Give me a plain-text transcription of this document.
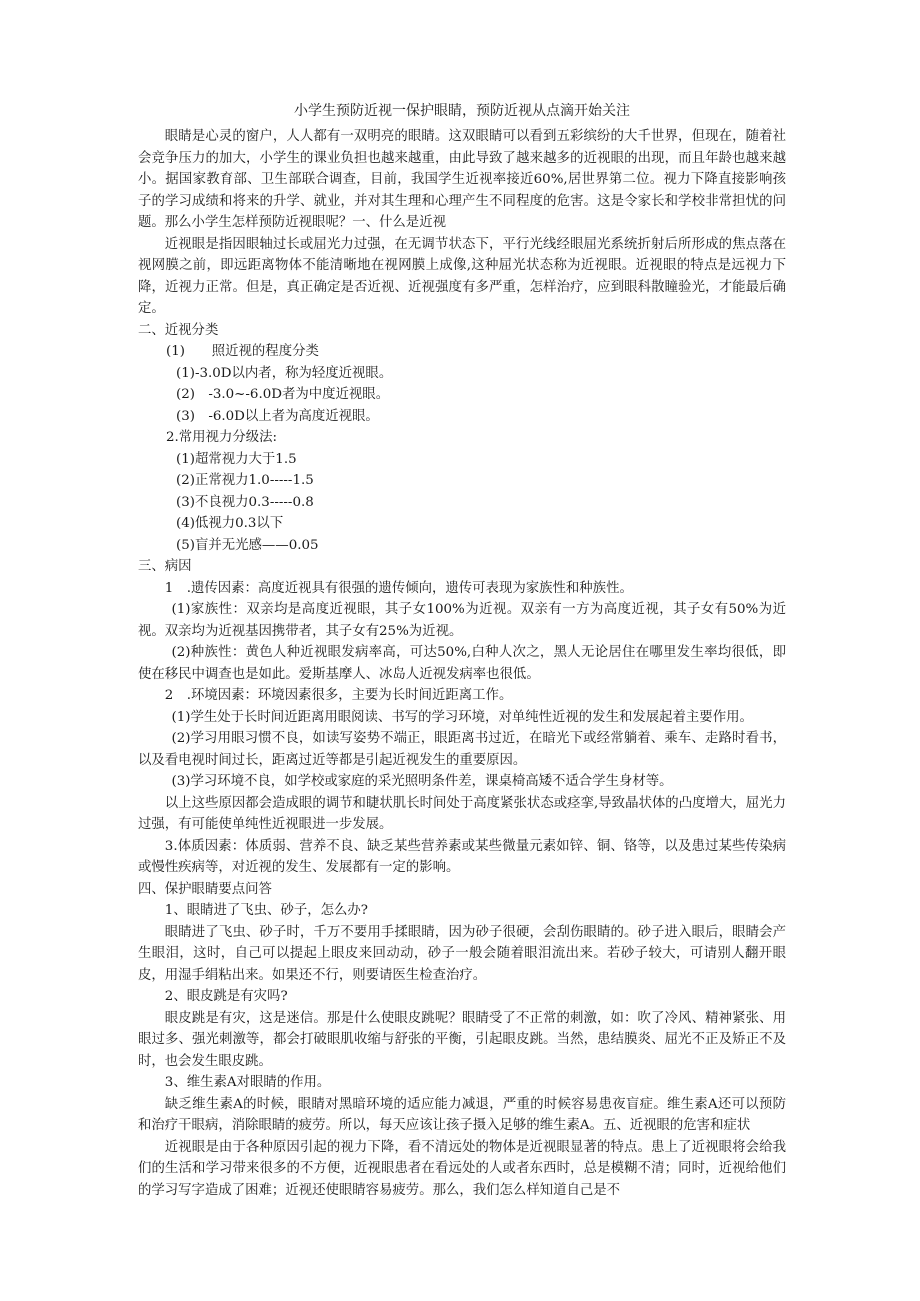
小学生预防近视一保护眼睛，预防近视从点滴开始关注

眼睛是心灵的窗户，人人都有一双明亮的眼睛。这双眼睛可以看到五彩缤纷的大千世界，但现在，随着社会竞争压力的加大，小学生的课业负担也越来越重，由此导致了越来越多的近视眼的出现，而且年龄也越来越小。据国家教育部、卫生部联合调查，目前，我国学生近视率接近60%,居世界第二位。视力下降直接影响孩子的学习成绩和将来的升学、就业，并对其生理和心理产生不同程度的危害。这是令家长和学校非常担忧的问题。那么小学生怎样预防近视眼呢？一、什么是近视

近视眼是指因眼轴过长或屈光力过强，在无调节状态下，平行光线经眼屈光系统折射后所形成的焦点落在视网膜之前，即远距离物体不能清晰地在视网膜上成像,这种屈光状态称为近视眼。近视眼的特点是远视力下降，近视力正常。但是，真正确定是否近视、近视强度有多严重，怎样治疗，应到眼科散瞳验光，才能最后确定。

二、近视分类

(1)　　照近视的程度分类

(1)-3.0D以内者，称为轻度近视眼。

(2)　-3.0~-6.0D者为中度近视眼。

(3)　-6.0D以上者为高度近视眼。

2.常用视力分级法:

(1)超常视力大于1.5

(2)正常视力1.0-----1.5

(3)不良视力0.3-----0.8

(4)低视力0.3以下

(5)盲并无光感——0.05

三、病因

1　.遗传因素：高度近视具有很强的遗传倾向，遗传可表现为家族性和种族性。

(1)家族性：双亲均是高度近视眼，其子女100%为近视。双亲有一方为高度近视，其子女有50%为近视。双亲均为近视基因携带者，其子女有25%为近视。

(2)种族性：黄色人种近视眼发病率高，可达50%,白种人次之，黑人无论居住在哪里发生率均很低，即使在移民中调查也是如此。爱斯基摩人、冰岛人近视发病率也很低。

2　.环境因素：环境因素很多，主要为长时间近距离工作。

(1)学生处于长时间近距离用眼阅读、书写的学习环境，对单纯性近视的发生和发展起着主要作用。

(2)学习用眼习惯不良，如读写姿势不端正，眼距离书过近，在暗光下或经常躺着、乘车、走路时看书，以及看电视时间过长，距离过近等都是引起近视发生的重要原因。

(3)学习环境不良，如学校或家庭的采光照明条件差，课桌椅高矮不适合学生身材等。

以上这些原因都会造成眼的调节和睫状肌长时间处于高度紧张状态或痉挛,导致晶状体的凸度增大，屈光力过强，有可能使单纯性近视眼进一步发展。

3.体质因素：体质弱、营养不良、缺乏某些营养素或某些微量元素如锌、铜、铬等，以及患过某些传染病或慢性疾病等，对近视的发生、发展都有一定的影响。

四、保护眼睛要点问答

1、眼睛进了飞虫、砂子，怎么办?

眼睛进了飞虫、砂子时，千万不要用手揉眼睛，因为砂子很硬，会刮伤眼睛的。砂子进入眼后，眼睛会产生眼泪，这时，自己可以提起上眼皮来回动动，砂子一般会随着眼泪流出来。若砂子较大，可请别人翻开眼皮，用湿手绢粘出来。如果还不行，则要请医生检查治疗。

2、眼皮跳是有灾吗?

眼皮跳是有灾，这是迷信。那是什么使眼皮跳呢？眼睛受了不正常的刺激，如：吹了冷风、精神紧张、用眼过多、强光刺激等，都会打破眼肌收缩与舒张的平衡，引起眼皮跳。当然，患结膜炎、屈光不正及矫正不及时，也会发生眼皮跳。

3、维生素A对眼睛的作用。

缺乏维生素A的时候，眼睛对黑暗环境的适应能力减退，严重的时候容易患夜盲症。维生素A还可以预防和治疗干眼病，消除眼睛的疲劳。所以，每天应该让孩子摄入足够的维生素A。五、近视眼的危害和症状

近视眼是由于各种原因引起的视力下降，看不清远处的物体是近视眼显著的特点。患上了近视眼将会给我们的生活和学习带来很多的不方便，近视眼患者在看远处的人或者东西时，总是模糊不清；同时，近视给他们的学习写字造成了困难；近视还使眼睛容易疲劳。那么，我们怎么样知道自己是不
